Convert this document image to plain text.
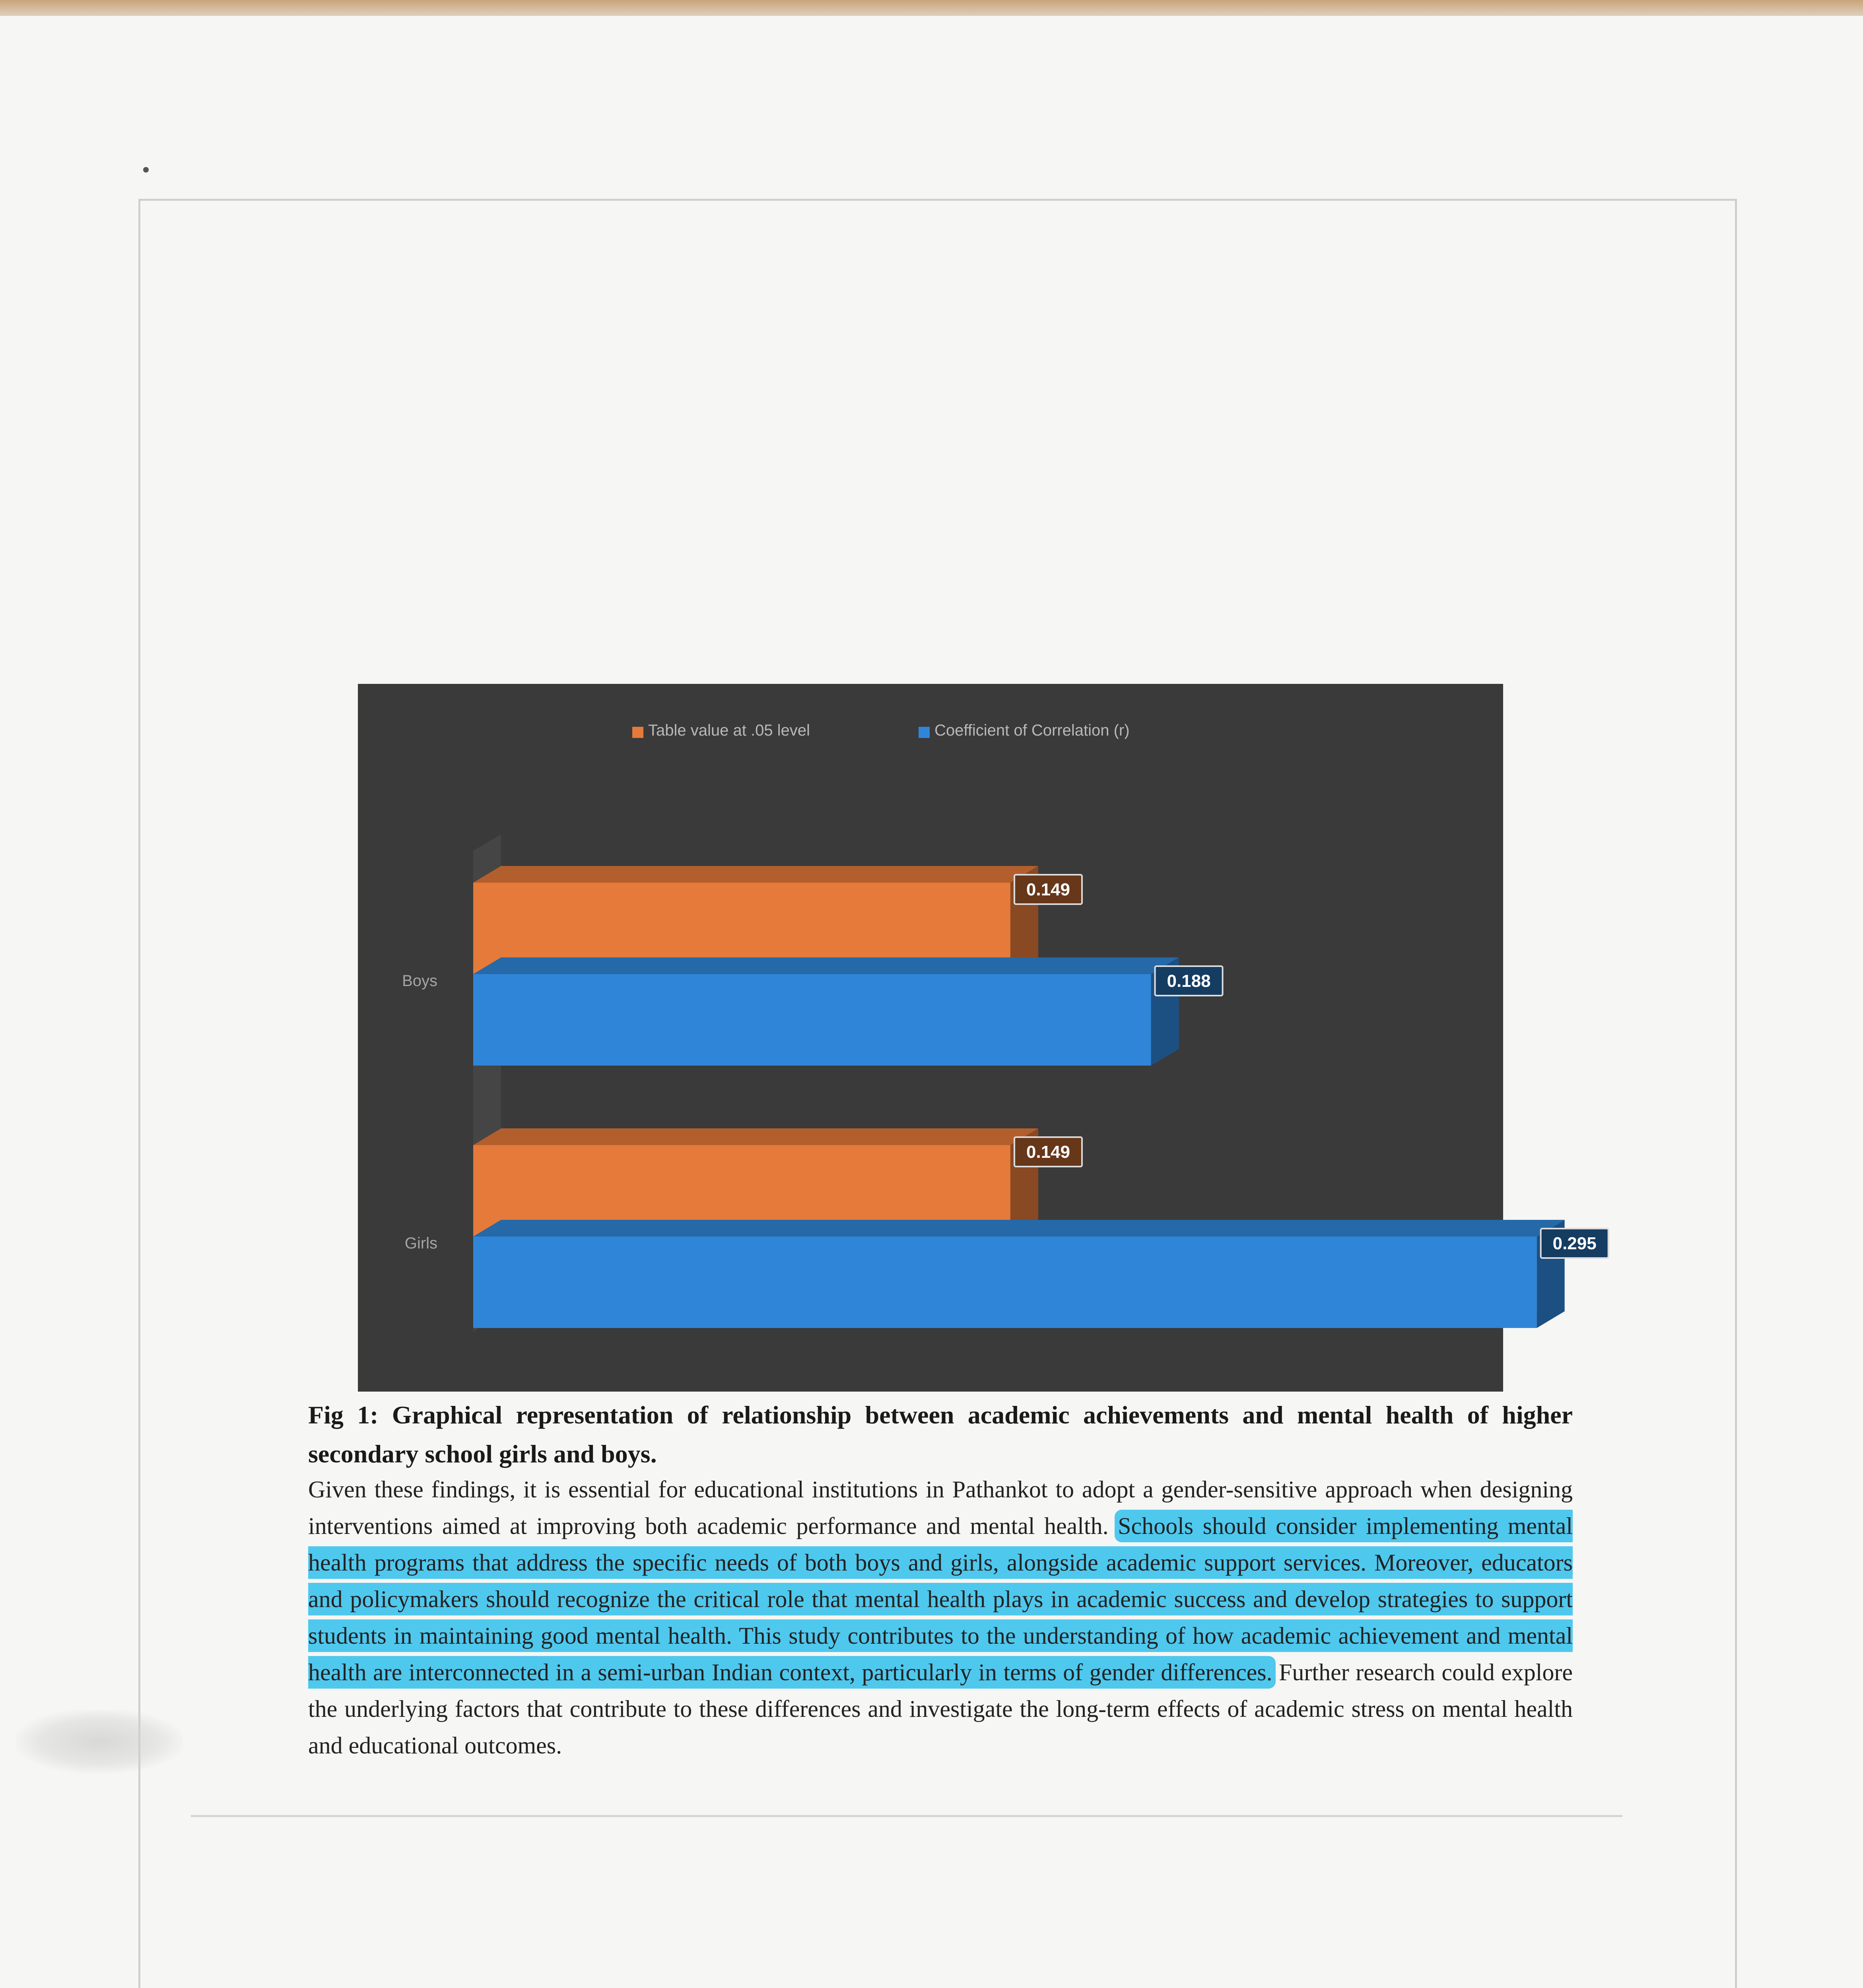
Table value at .05 level	Coefficient of Correlation (r)
0.149
0.188
Boys
0.149
0.295
Girls
Fig 1: Graphical representation of relationship between academic achievements and mental health of higher secondary school girls and boys.
Given these findings, it is essential for educational institutions in Pathankot to adopt a gender-sensitive approach when designing interventions aimed at improving both academic performance and mental health. Schools should consider implementing mental health programs that address the specific needs of both boys and girls, alongside academic support services. Moreover, educators and policymakers should recognize the critical role that mental health plays in academic success and develop strategies to support students in maintaining good mental health. This study contributes to the understanding of how academic achievement and mental health are interconnected in a semi-urban Indian context, particularly in terms of gender differences. Further research could explore the underlying factors that contribute to these differences and investigate the long-term effects of academic stress on mental health and educational outcomes.
